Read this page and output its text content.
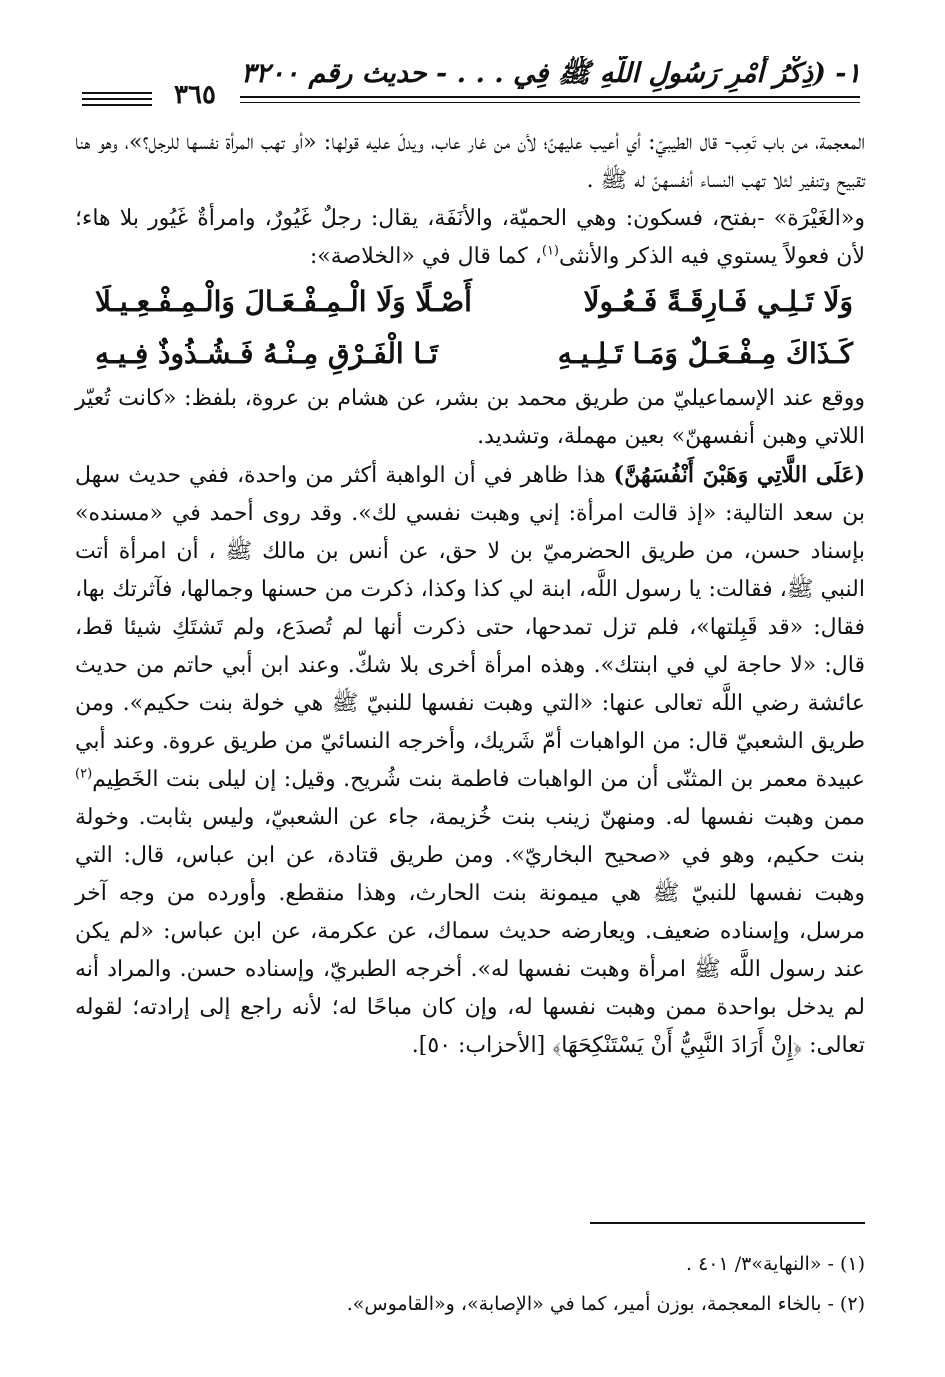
١- (ذِكْرُ أَمْرِ رَسُولِ اللَّهِ ﷺ فِي . . . - حديث رقم ٣٢٠٠
٣٦٥

المعجمة، من باب تَعِب- قال الطيبيّ: أي أعيب عليهنّ؛ لأن من غار عاب، ويدلّ عليه قولها: «أو تهب المرأة نفسها للرجل؟»، وهو هنا تقبيح وتنفير لئلا تهب النساء أنفسهنّ له ﷺ .

و«الغَيْرَة» -بفتح، فسكون: وهي الحميّة، والأنَفَة، يقال: رجلٌ غَيُورٌ، وامرأةٌ غَيُور بلا هاء؛ لأن فعولاً يستوي فيه الذكر والأنثى$^{(١)}$، كما قال في «الخلاصة»:

وَلَا تَـلِـي فَـارِقَـةً فَـعُـولَا
أَصْـلًا وَلَا الْـمِـفْـعَـالَ وَالْـمِـفْـعِـيـلَا
كَـذَاكَ مِـفْـعَـلٌ وَمَـا تَـلِـيـهِ
تَـا الْفَـرْقِ مِـنْـهُ فَـشُـذُوذٌ فِـيـهِ

ووقع عند الإسماعيليّ من طريق محمد بن بشر، عن هشام بن عروة، بلفظ: «كانت تُعيّر اللاتي وهبن أنفسهنّ» بعين مهملة، وتشديد.

(عَلَى اللَّاتِي وَهَبْنَ أَنْفُسَهُنَّ) هذا ظاهر في أن الواهبة أكثر من واحدة، ففي حديث سهل بن سعد التالية: «إذ قالت امرأة: إني وهبت نفسي لك». وقد روى أحمد في «مسنده» بإسناد حسن، من طريق الحضرميّ بن لا حق، عن أنس بن مالك ﷺ ، أن امرأة أتت النبي ﷺ، فقالت: يا رسول اللَّه، ابنة لي كذا وكذا، ذكرت من حسنها وجمالها، فآثرتك بها، فقال: «قد قَبِلتها»، فلم تزل تمدحها، حتى ذكرت أنها لم تُصدَع، ولم تَشتَكِ شيئا قط، قال: «لا حاجة لي في ابنتك». وهذه امرأة أخرى بلا شكّ. وعند ابن أبي حاتم من حديث عائشة رضي اللَّه تعالى عنها: «التي وهبت نفسها للنبيّ ﷺ هي خولة بنت حكيم». ومن طريق الشعبيّ قال: من الواهبات أمّ شَريك، وأخرجه النسائيّ من طريق عروة. وعند أبي عبيدة معمر بن المثنّى أن من الواهبات فاطمة بنت شُريح. وقيل: إن ليلى بنت الخَطِيم$^{(٢)}$ ممن وهبت نفسها له. ومنهنّ زينب بنت خُزيمة، جاء عن الشعبيّ، وليس بثابت. وخولة بنت حكيم، وهو في «صحيح البخاريّ». ومن طريق قتادة، عن ابن عباس، قال: التي وهبت نفسها للنبيّ ﷺ هي ميمونة بنت الحارث، وهذا منقطع. وأورده من وجه آخر مرسل، وإسناده ضعيف. ويعارضه حديث سماك، عن عكرمة، عن ابن عباس: «لم يكن عند رسول اللَّه ﷺ امرأة وهبت نفسها له». أخرجه الطبريّ، وإسناده حسن. والمراد أنه لم يدخل بواحدة ممن وهبت نفسها له، وإن كان مباحًا له؛ لأنه راجع إلى إرادته؛ لقوله تعالى: ﴿إِنْ أَرَادَ النَّبِيُّ أَنْ يَسْتَنْكِحَهَا﴾ [الأحزاب: ٥٠].

(١) - «النهاية»٣/ ٤٠١ .

(٢) - بالخاء المعجمة، بوزن أمير، كما في «الإصابة»، و«القاموس».
